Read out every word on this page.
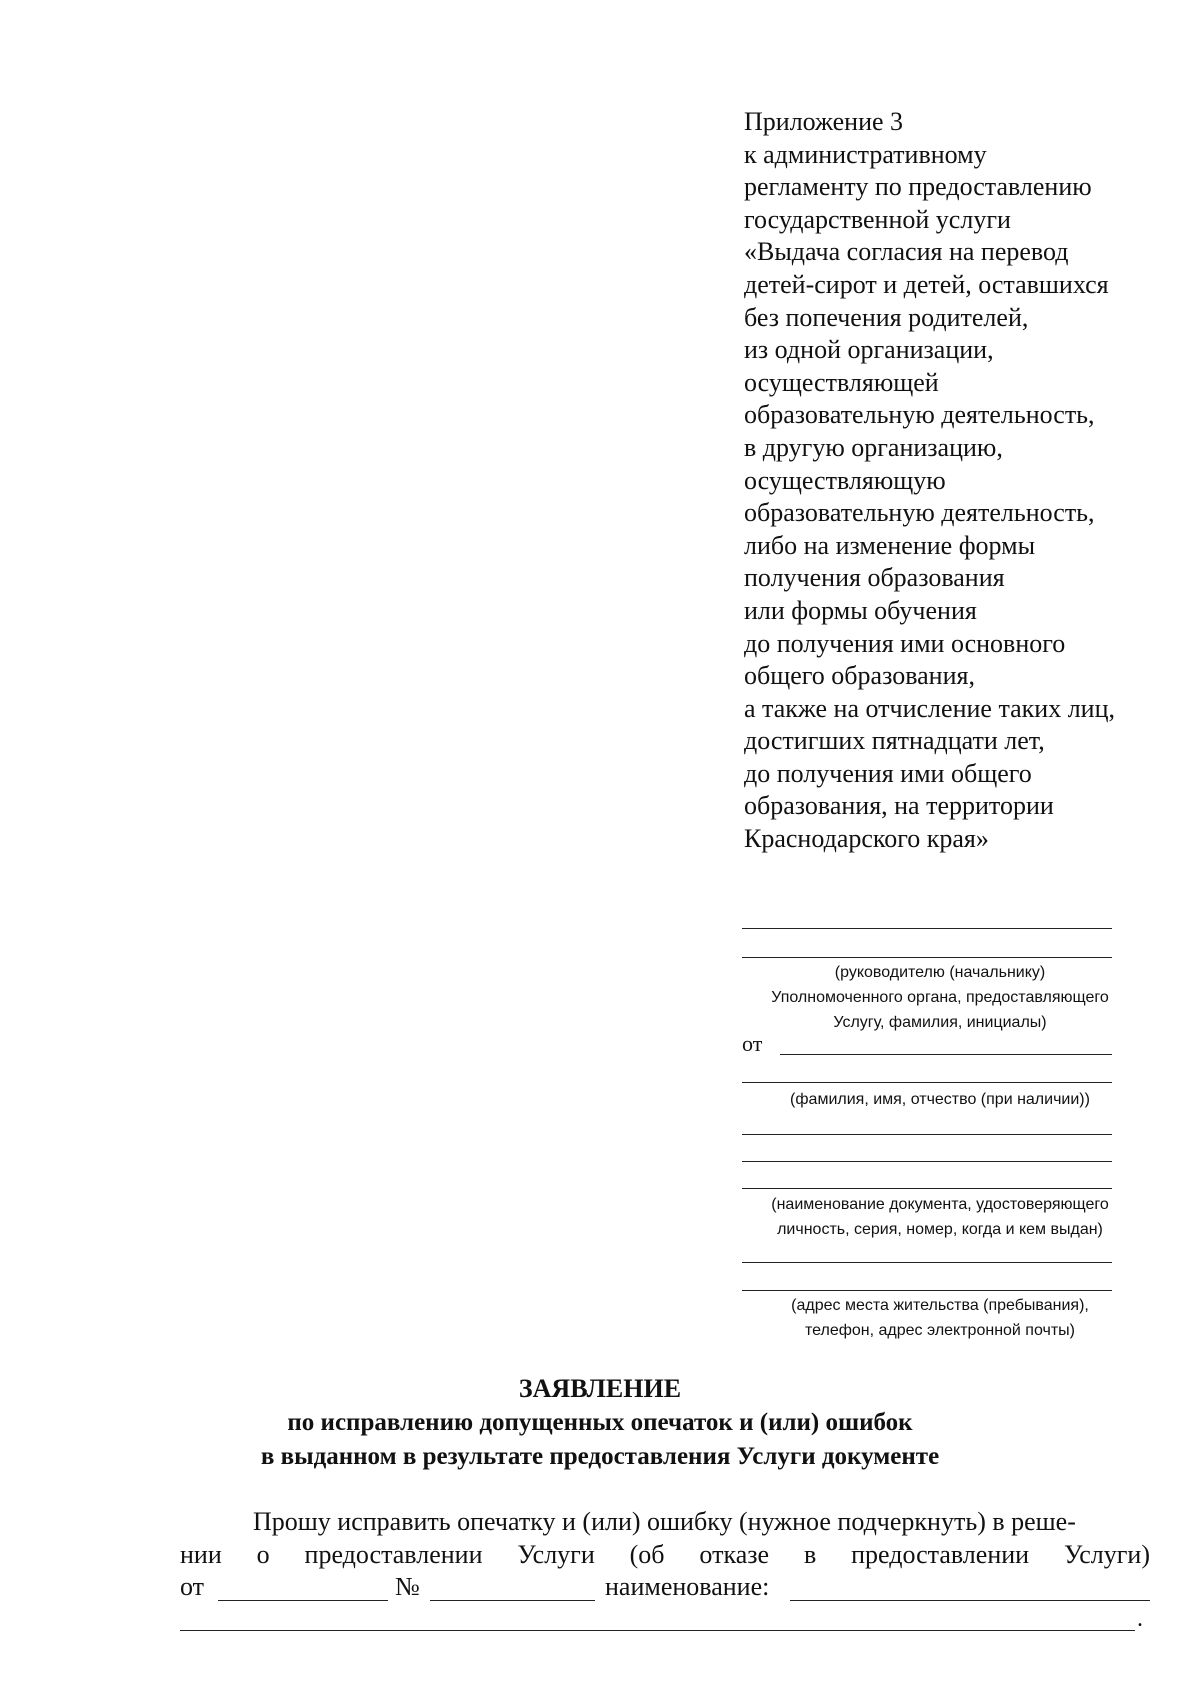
Приложение 3
к административному
регламенту по предоставлению
государственной услуги
«Выдача согласия на перевод
детей-сирот и детей, оставшихся
без попечения родителей,
из одной организации,
осуществляющей
образовательную деятельность,
в другую организацию,
осуществляющую
образовательную деятельность,
либо на изменение формы
получения образования
или формы обучения
до получения ими основного
общего образования,
а также на отчисление таких лиц,
достигших пятнадцати лет,
до получения ими общего
образования, на территории
Краснодарского края»
(руководителю (начальнику)
Уполномоченного органа, предоставляющего
Услугу, фамилия, инициалы)
от
(фамилия, имя, отчество (при наличии))
(наименование документа, удостоверяющего
личность, серия, номер, когда и кем выдан)
(адрес места жительства (пребывания),
телефон, адрес электронной почты)
ЗАЯВЛЕНИЕ
по исправлению допущенных опечаток и (или) ошибок
в выданном в результате предоставления Услуги документе
Прошу исправить опечатку и (или) ошибку (нужное подчеркнуть) в реше-
нии о предоставлении Услуги (об отказе в предоставлении Услуги)
от	№	наименование:
.
